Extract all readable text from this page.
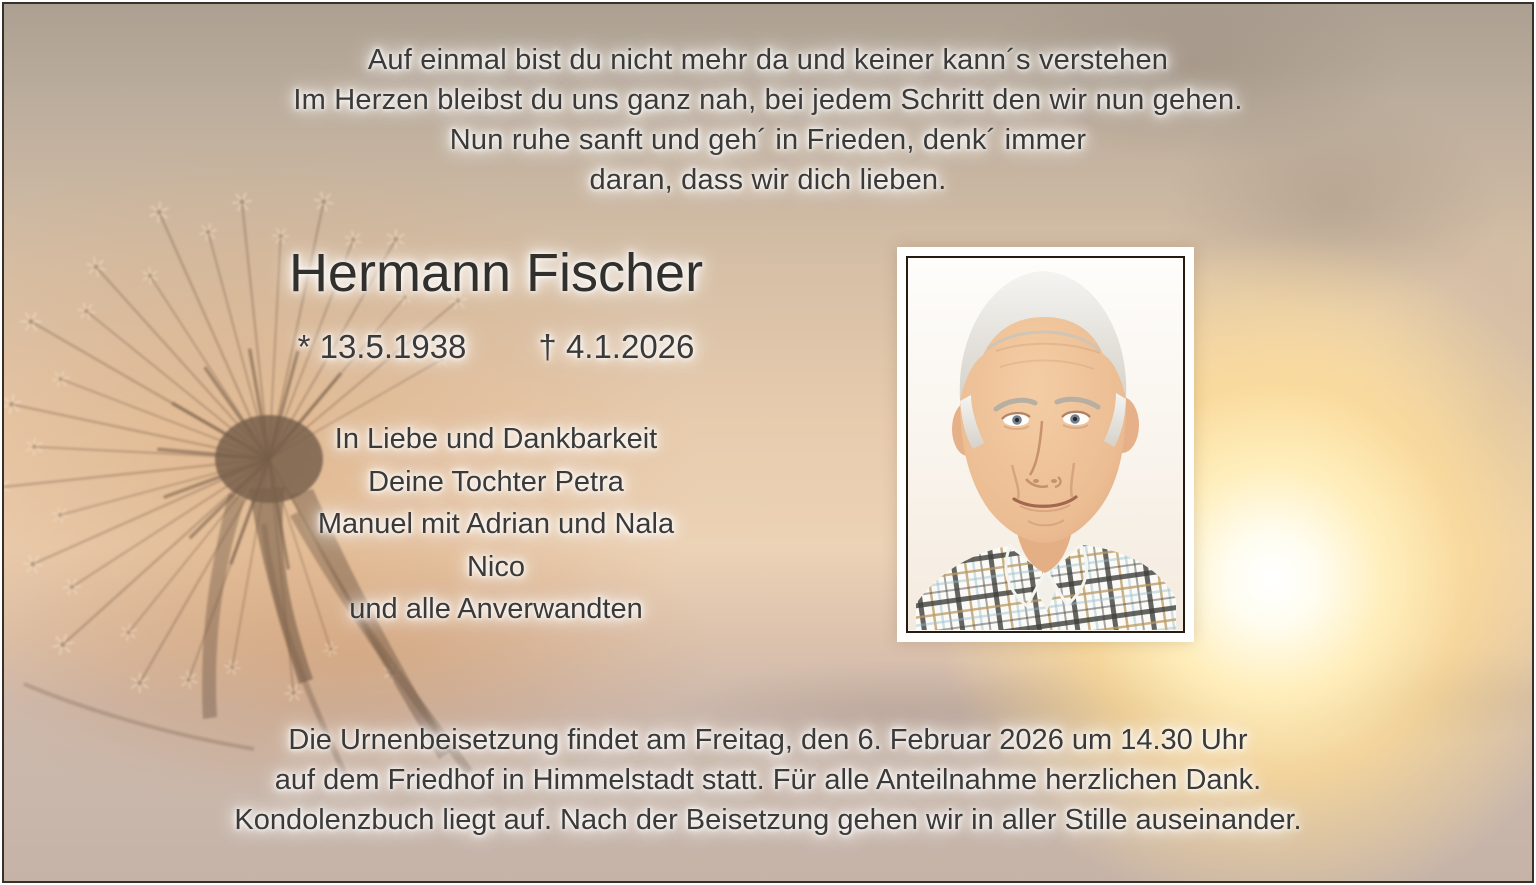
Auf einmal bist du nicht mehr da und keiner kann´s verstehen
Im Herzen bleibst du uns ganz nah, bei jedem Schritt den wir nun gehen.
Nun ruhe sanft und geh´ in Frieden, denk´ immer
daran, dass wir dich lieben.
Hermann Fischer
* 13.5.1938 † 4.1.2026
In Liebe und Dankbarkeit
Deine Tochter Petra
Manuel mit Adrian und Nala
Nico
und alle Anverwandten
Die Urnenbeisetzung findet am Freitag, den 6. Februar 2026 um 14.30 Uhr
auf dem Friedhof in Himmelstadt statt. Für alle Anteilnahme herzlichen Dank.
Kondolenzbuch liegt auf. Nach der Beisetzung gehen wir in aller Stille auseinander.
